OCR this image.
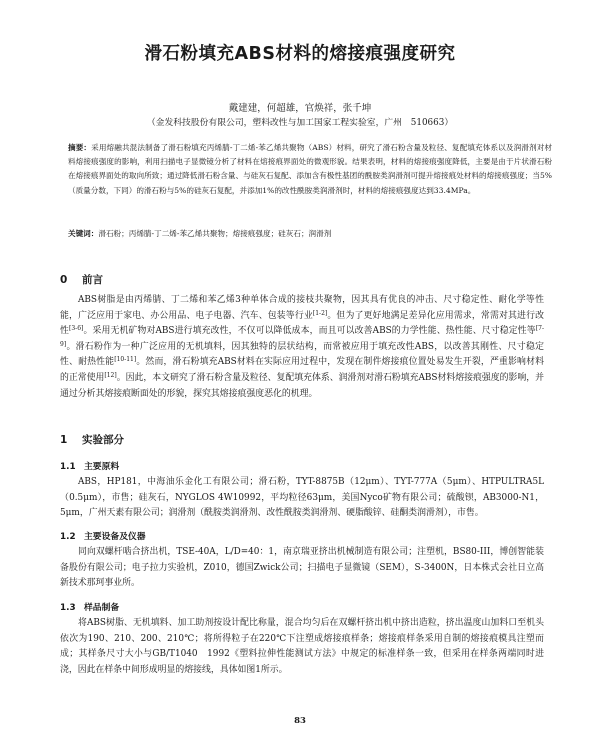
滑石粉填充ABS材料的熔接痕强度研究
戴建建，何超雄，官焕祥，张千坤
（金发科技股份有限公司，塑料改性与加工国家工程实验室，广州　510663）
摘要：采用熔融共混法制备了滑石粉填充丙烯腈-丁二烯-苯乙烯共聚物（ABS）材料，研究了滑石粉含量及粒径、复配填充体系以及润滑剂对材料熔接痕强度的影响，利用扫描电子显微镜分析了材料在熔接痕界面处的微观形貌。结果表明，材料的熔接痕强度降低，主要是由于片状滑石粉在熔接痕界面处的取向所致；通过降低滑石粉含量、与硅灰石复配、添加含有极性基团的酰胺类润滑剂可提升熔接痕处材料的熔接痕强度；当5%（质量分数，下同）的滑石粉与5%的硅灰石复配，并添加1%的改性酰胺类润滑剂时，材料的熔接痕强度达到33.4MPa。
关键词：滑石粉；丙烯腈-丁二烯-苯乙烯共聚物；熔接痕强度；硅灰石；润滑剂
0 前言
ABS树脂是由丙烯腈、丁二烯和苯乙烯3种单体合成的接枝共聚物，因其具有优良的冲击、尺寸稳定性、耐化学等性能，广泛应用于家电、办公用品、电子电器、汽车、包装等行业[1-2]。但为了更好地满足差异化应用需求，常需对其进行改性[3-6]。采用无机矿物对ABS进行填充改性，不仅可以降低成本，而且可以改善ABS的力学性能、热性能、尺寸稳定性等[7-9]。滑石粉作为一种广泛应用的无机填料，因其独特的层状结构，而常被应用于填充改性ABS，以改善其刚性、尺寸稳定性、耐热性能[10-11]。然而，滑石粉填充ABS材料在实际应用过程中，发现在制件熔接痕位置处易发生开裂，严重影响材料的正常使用[12]。因此，本文研究了滑石粉含量及粒径、复配填充体系、润滑剂对滑石粉填充ABS材料熔接痕强度的影响，并通过分析其熔接痕断面处的形貌，探究其熔接痕强度恶化的机理。
1 实验部分
1.1 主要原料
ABS，HP181，中海油乐金化工有限公司；滑石粉，TYT-8875B（12μm）、TYT-777A（5μm）、HTPULTRA5L（0.5μm），市售；硅灰石，NYGLOS 4W10992，平均粒径63μm，美国Nyco矿物有限公司；硫酸钡，AB3000-N1，5μm，广州天素有限公司；润滑剂（酰胺类润滑剂、改性酰胺类润滑剂、硬脂酸锌、硅酮类润滑剂），市售。
1.2 主要设备及仪器
同向双螺杆啮合挤出机，TSE-40A，L/D=40：1，南京瑞亚挤出机械制造有限公司；注塑机，BS80-III，博创智能装备股份有限公司；电子拉力实验机，Z010，德国Zwick公司；扫描电子显微镜（SEM），S-3400N，日本株式会社日立高新技术那珂事业所。
1.3 样品制备
将ABS树脂、无机填料、加工助剂按设计配比称量，混合均匀后在双螺杆挤出机中挤出造粒，挤出温度山加料口至机头依次为190、210、200、210℃；将所得粒子在220℃下注塑成熔接痕样条；熔接痕样条采用自制的熔接痕模具注塑而成；其样条尺寸大小与GB/T1040　1992《塑料拉伸性能测试方法》中规定的标准样条一致，但采用在样条两端同时进浇，因此在样条中间形成明显的熔接线，具体如图1所示。
83
